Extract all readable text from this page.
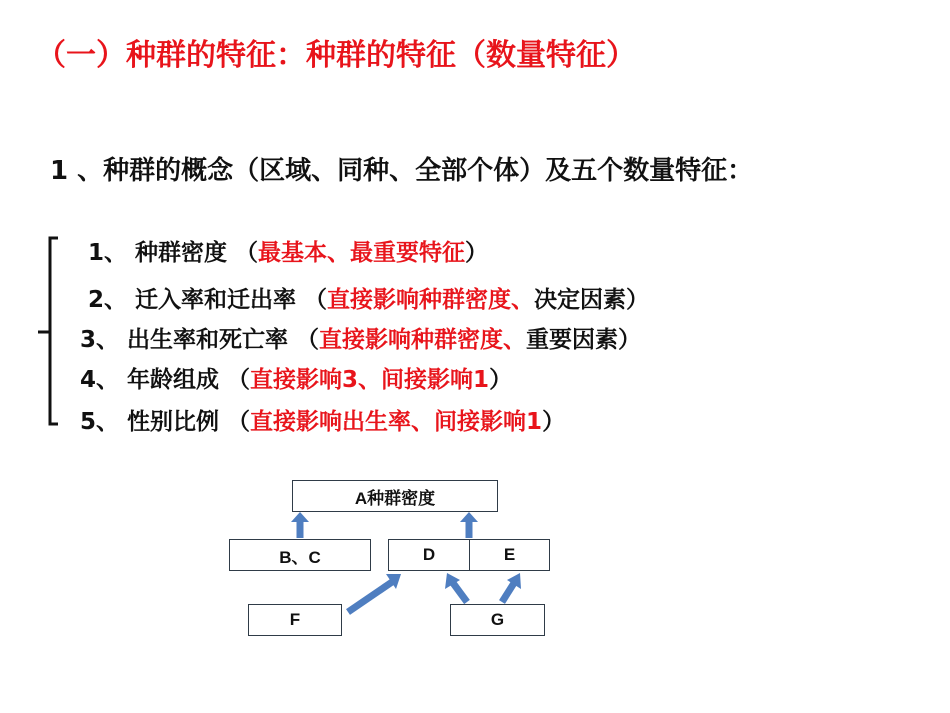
（一）种群的特征：种群的特征（数量特征）
1 、种群的概念（区域、同种、全部个体）及五个数量特征：
1、 种群密度 （最基本、最重要特征）
2、 迁入率和迁出率 （直接影响种群密度、决定因素）
3、 出生率和死亡率 （直接影响种群密度、重要因素）
4、 年龄组成 （直接影响3、间接影响1）
5、 性别比例 （直接影响出生率、间接影响1）
A种群密度
B、C	D	E
F	G
